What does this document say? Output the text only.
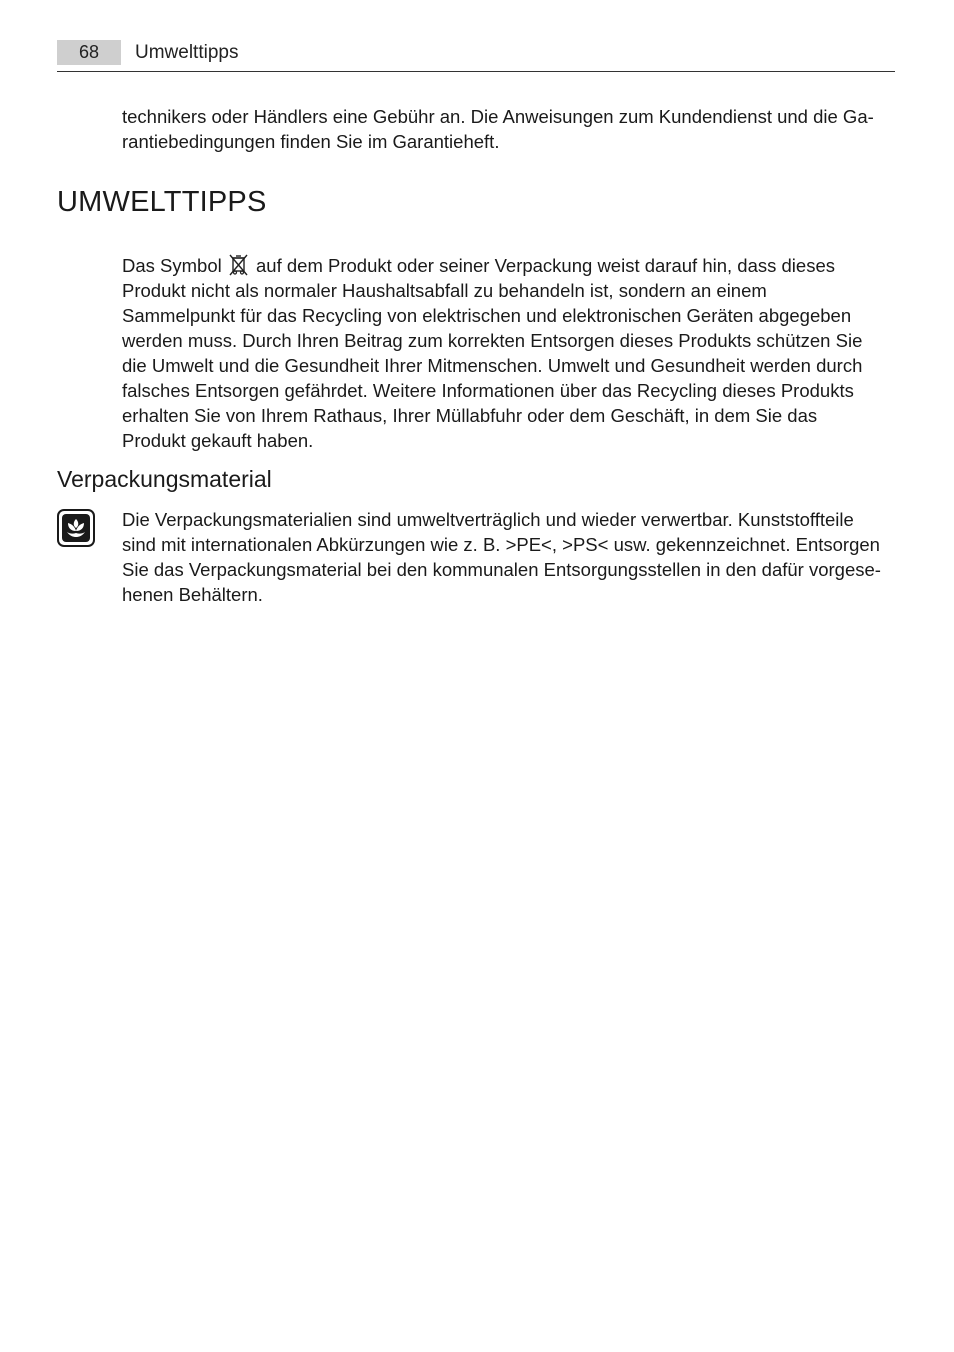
68	Umwelttipps

technikers oder Händlers eine Gebühr an. Die Anweisungen zum Kundendienst und die Ga-
rantiebedingungen finden Sie im Garantieheft.

UMWELTTIPPS

Das Symbol auf dem Produkt oder seiner Verpackung weist darauf hin, dass dieses
Produkt nicht als normaler Haushaltsabfall zu behandeln ist, sondern an einem
Sammelpunkt für das Recycling von elektrischen und elektronischen Geräten abgegeben
werden muss. Durch Ihren Beitrag zum korrekten Entsorgen dieses Produkts schützen Sie
die Umwelt und die Gesundheit Ihrer Mitmenschen. Umwelt und Gesundheit werden durch
falsches Entsorgen gefährdet. Weitere Informationen über das Recycling dieses Produkts
erhalten Sie von Ihrem Rathaus, Ihrer Müllabfuhr oder dem Geschäft, in dem Sie das
Produkt gekauft haben.

Verpackungsmaterial

Die Verpackungsmaterialien sind umweltverträglich und wieder verwertbar. Kunststoffteile
sind mit internationalen Abkürzungen wie z. B. >PE<, >PS< usw. gekennzeichnet. Entsorgen
Sie das Verpackungsmaterial bei den kommunalen Entsorgungsstellen in den dafür vorgese-
henen Behältern.
